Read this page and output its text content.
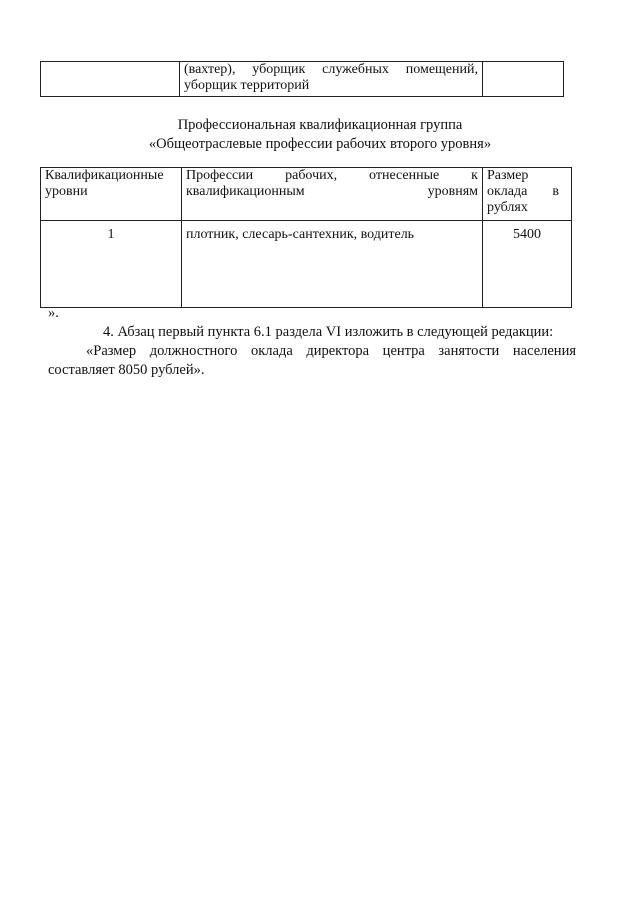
(вахтер), уборщик служебных помещений,
уборщик территорий

Профессиональная квалификационная группа
«Общеотраслевые профессии рабочих второго уровня»
Квалификационные уровни	Профессии рабочих, отнесенные к квалификационным уровням	Размер оклада в рублях

1	плотник, слесарь-сантехник, водитель	5400
».
4. Абзац первый пункта 6.1 раздела VI изложить в следующей редакции:
«Размер должностного оклада директора центра занятости населения
составляет 8050 рублей».
